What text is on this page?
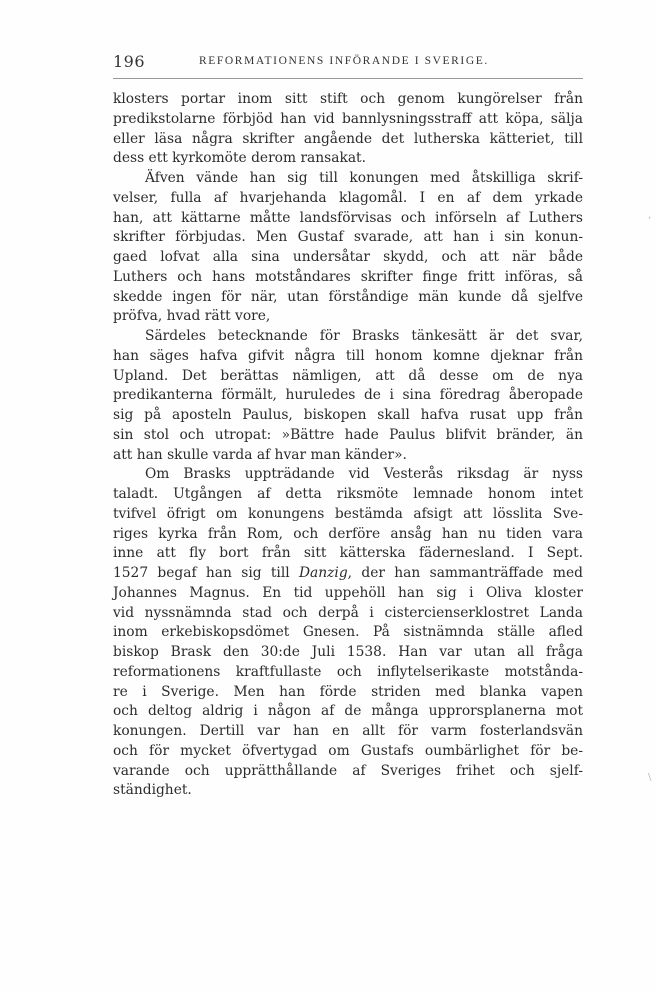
196	REFORMATIONENS INFÖRANDE I SVERIGE.
klosters portar inom sitt stift och genom kungörelser från
predikstolarne förbjöd han vid bannlysningsstraff att köpa, sälja
eller läsa några skrifter angående det lutherska kätteriet, till
dess ett kyrkomöte derom ransakat.
Äfven vände han sig till konungen med åtskilliga skrif-
velser, fulla af hvarjehanda klagomål. I en af dem yrkade
han, att kättarne måtte landsförvisas och införseln af Luthers
skrifter förbjudas. Men Gustaf svarade, att han i sin konun-
gaed lofvat alla sina undersåtar skydd, och att när både
Luthers och hans motståndares skrifter finge fritt införas, så
skedde ingen för när, utan förståndige män kunde då sjelfve
pröfva, hvad rätt vore,
Särdeles betecknande för Brasks tänkesätt är det svar,
han säges hafva gifvit några till honom komne djeknar från
Upland. Det berättas nämligen, att då desse om de nya
predikanterna förmält, huruledes de i sina föredrag åberopade
sig på aposteln Paulus, biskopen skall hafva rusat upp från
sin stol och utropat: »Bättre hade Paulus blifvit bränder, än
att han skulle varda af hvar man känder».
Om Brasks uppträdande vid Vesterås riksdag är nyss
taladt. Utgången af detta riksmöte lemnade honom intet
tvifvel öfrigt om konungens bestämda afsigt att lösslita Sve-
riges kyrka från Rom, och derföre ansåg han nu tiden vara
inne att fly bort från sitt kätterska fädernesland. I Sept.
1527 begaf han sig till Danzig, der han sammanträffade med
Johannes Magnus. En tid uppehöll han sig i Oliva kloster
vid nyssnämnda stad och derpå i cistercienserklostret Landa
inom erkebiskopsdömet Gnesen. På sistnämnda ställe afled
biskop Brask den 30:de Juli 1538. Han var utan all fråga
reformationens kraftfullaste och inflytelserikaste motstånda-
re i Sverige. Men han förde striden med blanka vapen
och deltog aldrig i någon af de många upprorsplanerna mot
konungen. Dertill var han en allt för varm fosterlandsvän
och för mycket öfvertygad om Gustafs oumbärlighet för be-
varande och upprätthållande af Sveriges frihet och sjelf-
ständighet.
,
\
